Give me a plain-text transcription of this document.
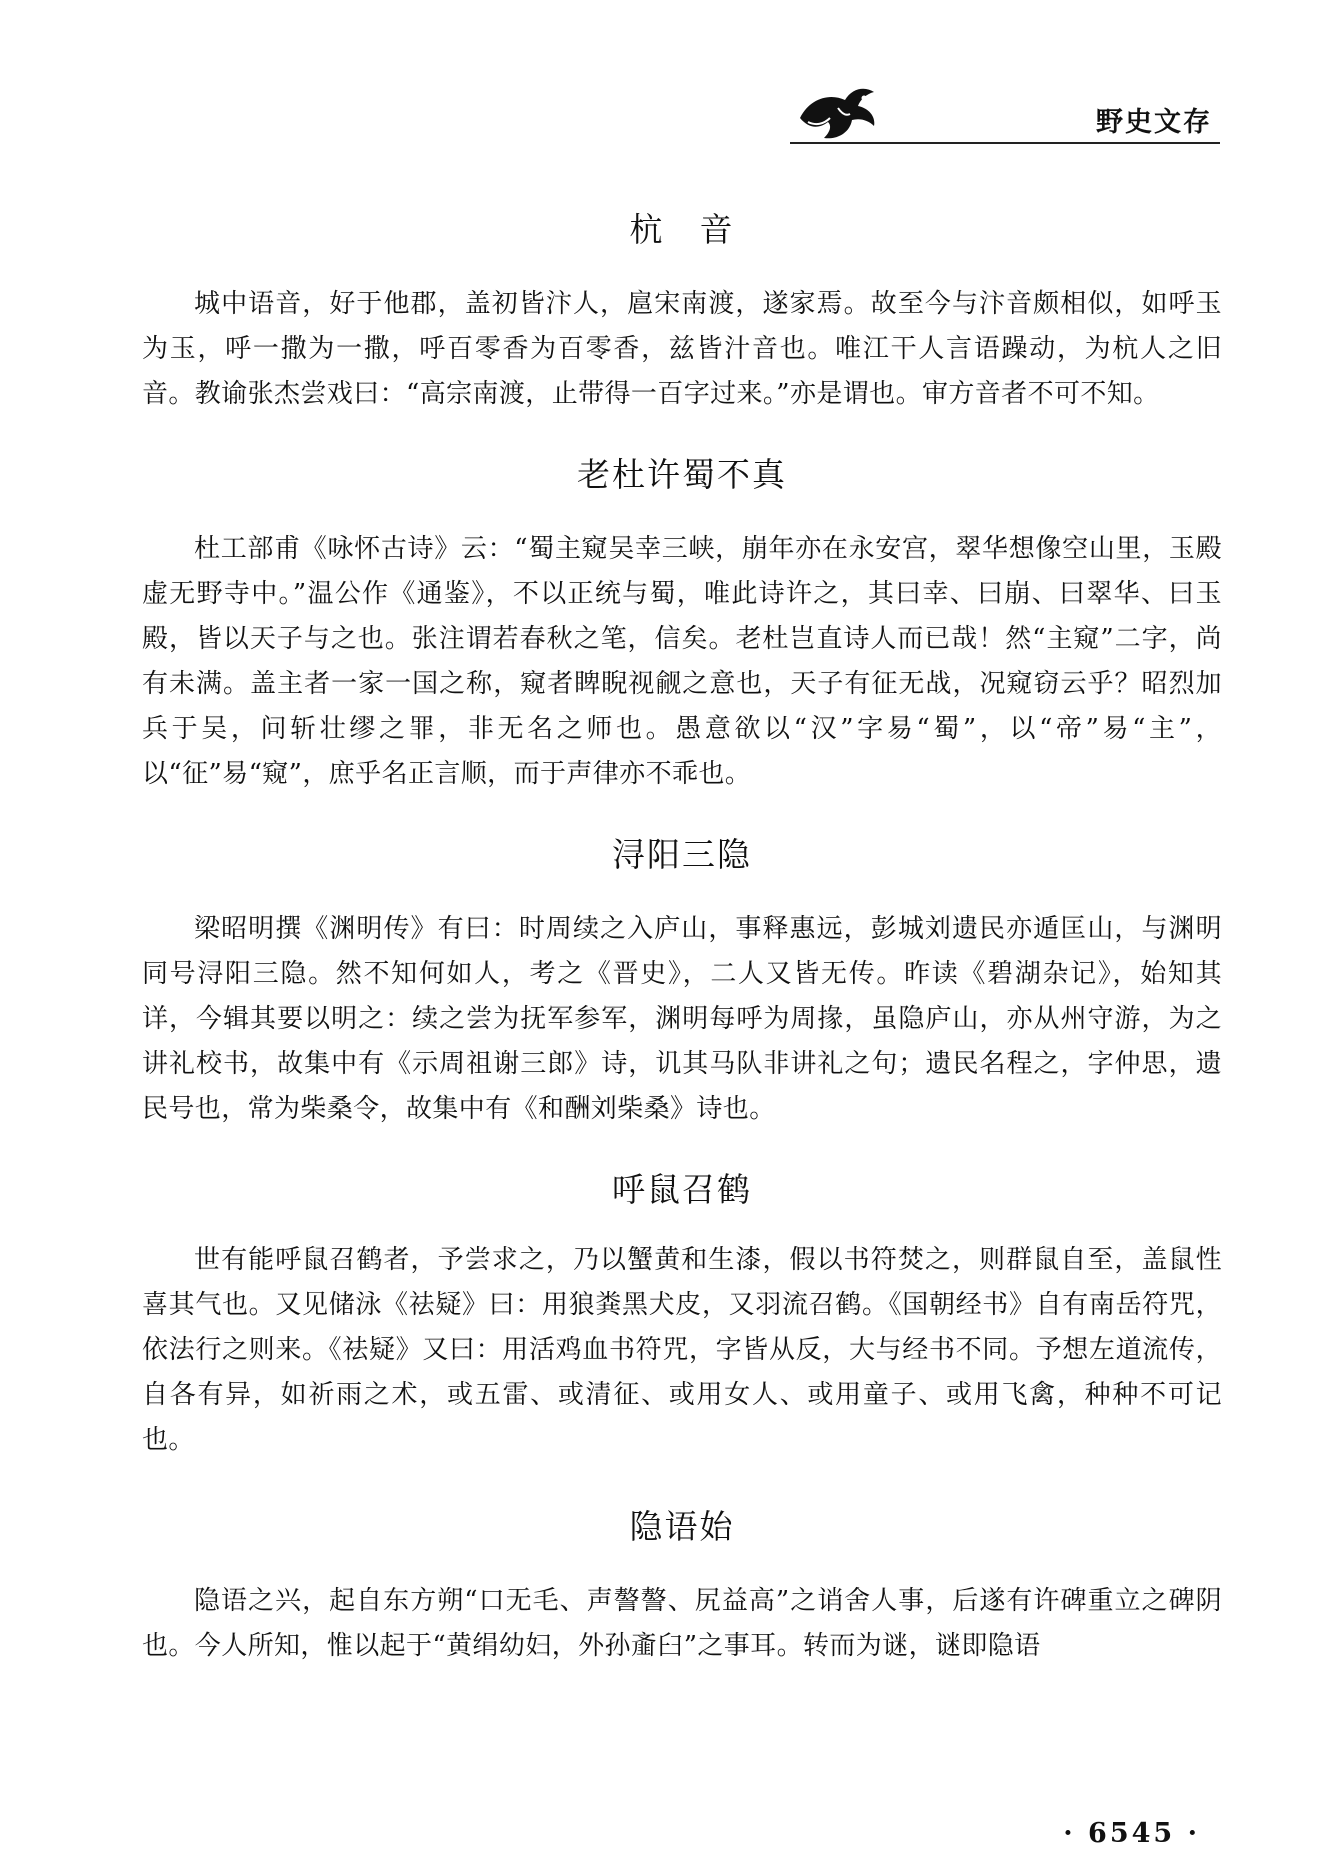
野史文存
杭　音

城中语音，好于他郡，盖初皆汴人，扈宋南渡，遂家焉。故至今与汴音颇相似，如呼玉为玉，呼一撒为一撒，呼百零香为百零香，兹皆汁音也。唯江干人言语躁动，为杭人之旧音。教谕张杰尝戏曰：“高宗南渡，止带得一百字过来。”亦是谓也。审方音者不可不知。

老杜许蜀不真

杜工部甫《咏怀古诗》云：“蜀主窥吴幸三峡，崩年亦在永安宫，翠华想像空山里，玉殿虚无野寺中。”温公作《通鉴》，不以正统与蜀，唯此诗许之，其曰幸、曰崩、曰翠华、曰玉殿，皆以天子与之也。张注谓若春秋之笔，信矣。老杜岂直诗人而已哉！然“主窥”二字，尚有未满。盖主者一家一国之称，窥者睥睨视觎之意也，天子有征无战，况窥窃云乎？昭烈加兵于吴，问斩壮缪之罪，非无名之师也。愚意欲以“汉”字易“蜀”，以“帝”易“主”，以“征”易“窥”，庶乎名正言顺，而于声律亦不乖也。

浔阳三隐

梁昭明撰《渊明传》有曰：时周续之入庐山，事释惠远，彭城刘遗民亦遁匡山，与渊明同号浔阳三隐。然不知何如人，考之《晋史》，二人又皆无传。昨读《碧湖杂记》，始知其详，今辑其要以明之：续之尝为抚军参军，渊明每呼为周掾，虽隐庐山，亦从州守游，为之讲礼校书，故集中有《示周祖谢三郎》诗，讥其马队非讲礼之句；遗民名程之，字仲思，遗民号也，常为柴桑令，故集中有《和酬刘柴桑》诗也。

呼鼠召鹤

世有能呼鼠召鹤者，予尝求之，乃以蟹黄和生漆，假以书符焚之，则群鼠自至，盖鼠性喜其气也。又见储泳《祛疑》曰：用狼粪黑犬皮，又羽流召鹤。《国朝经书》自有南岳符咒，依法行之则来。《祛疑》又曰：用活鸡血书符咒，字皆从反，大与经书不同。予想左道流传，自各有异，如祈雨之术，或五雷、或清征、或用女人、或用童子、或用飞禽，种种不可记也。

隐语始

隐语之兴，起自东方朔“口无毛、声謷謷、尻益高”之诮舍人事，后遂有许碑重立之碑阴也。今人所知，惟以起于“黄绢幼妇，外孙齑臼”之事耳。转而为谜，谜即隐语

· 6545 ·
